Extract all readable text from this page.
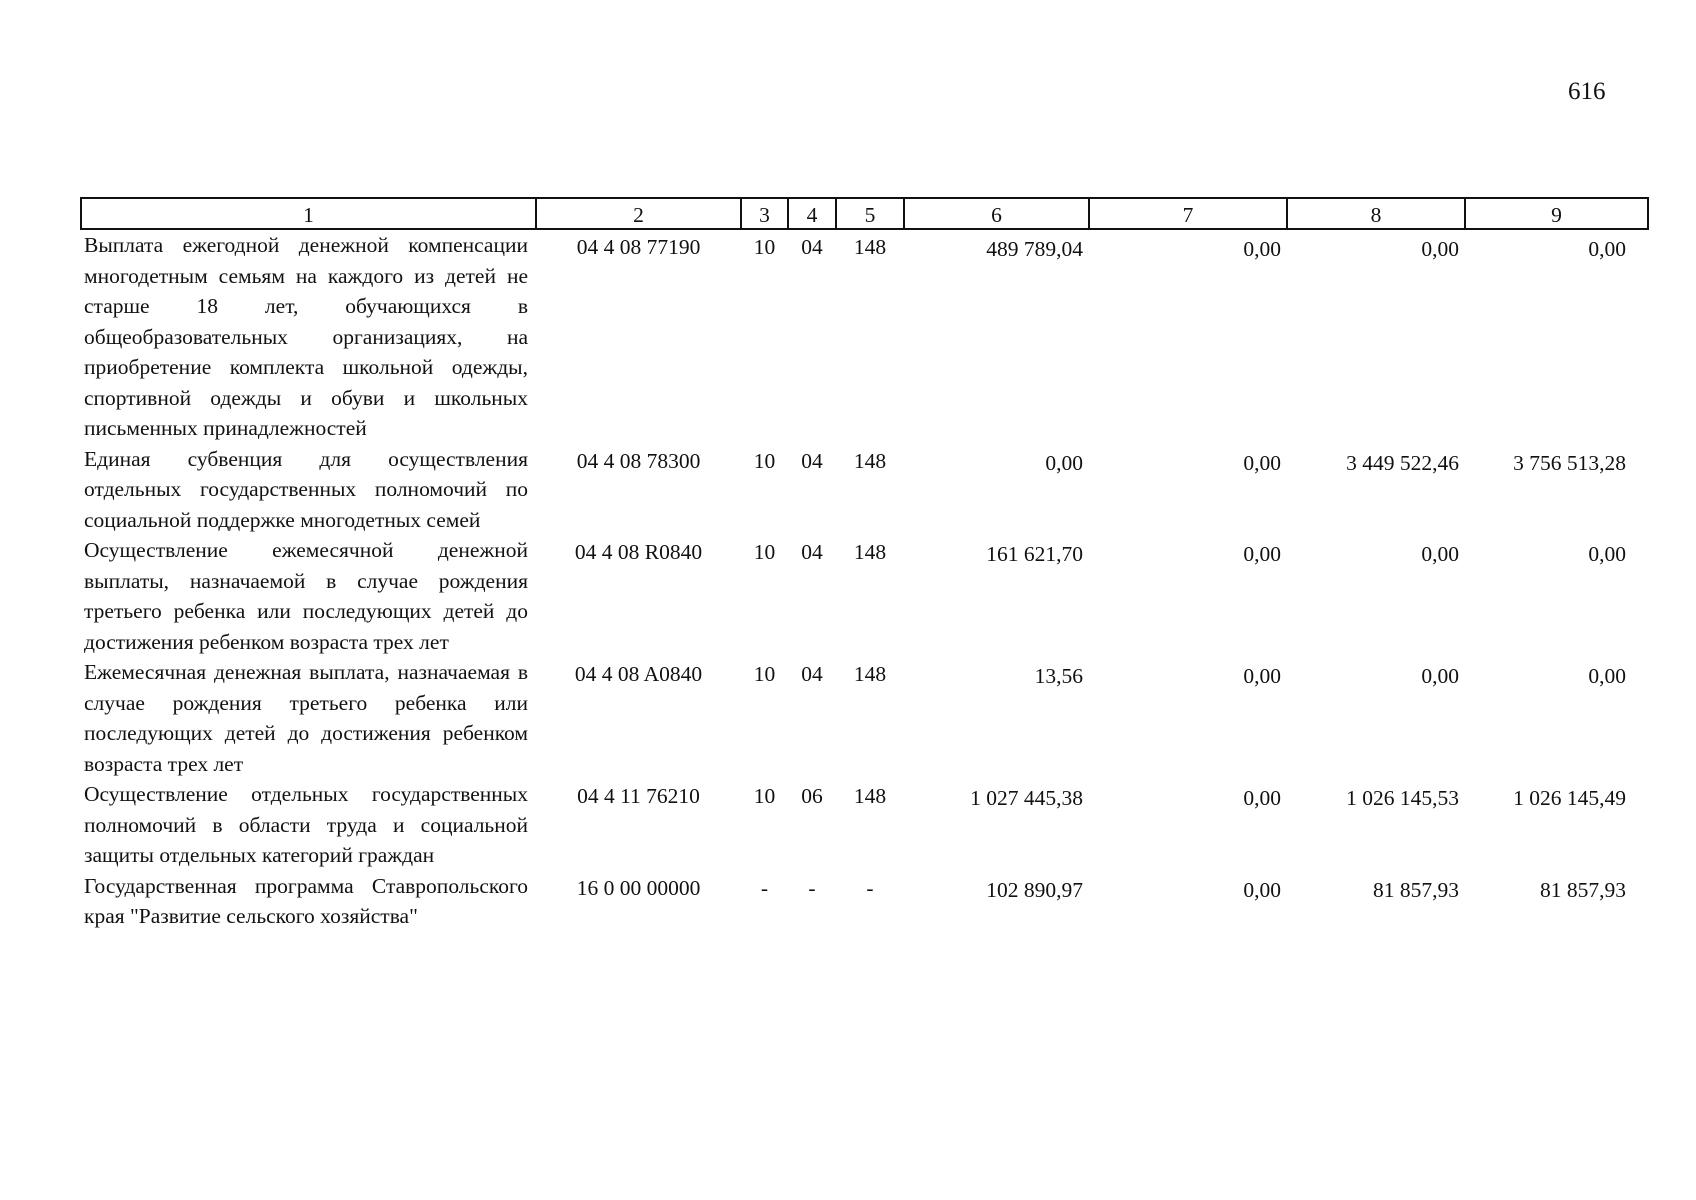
616
1	2	3	4	5	6	7	8	9
Выплата ежегодной денежной компенсации многодетным семьям на каждого из детей не старше 18 лет, обучающихся в общеобразовательных организациях, на приобретение комплекта школьной одежды, спортивной одежды и обуви и школьных письменных принадлежностей	04 4 08 77190	10	04	148	489 789,04	0,00	0,00	0,00
Единая субвенция для осуществления отдельных государственных полномочий по социальной поддержке многодетных семей	04 4 08 78300	10	04	148	0,00	0,00	3 449 522,46	3 756 513,28
Осуществление ежемесячной денежной выплаты, назначаемой в случае рождения третьего ребенка или последующих детей до достижения ребенком возраста трех лет	04 4 08 R0840	10	04	148	161 621,70	0,00	0,00	0,00
Ежемесячная денежная выплата, назначаемая в случае рождения третьего ребенка или последующих детей до достижения ребенком возраста трех лет	04 4 08 A0840	10	04	148	13,56	0,00	0,00	0,00
Осуществление отдельных государственных полномочий в области труда и социальной защиты отдельных категорий граждан	04 4 11 76210	10	06	148	1 027 445,38	0,00	1 026 145,53	1 026 145,49
Государственная программа Ставропольского края "Развитие сельского хозяйства"	16 0 00 00000	-	-	-	102 890,97	0,00	81 857,93	81 857,93
